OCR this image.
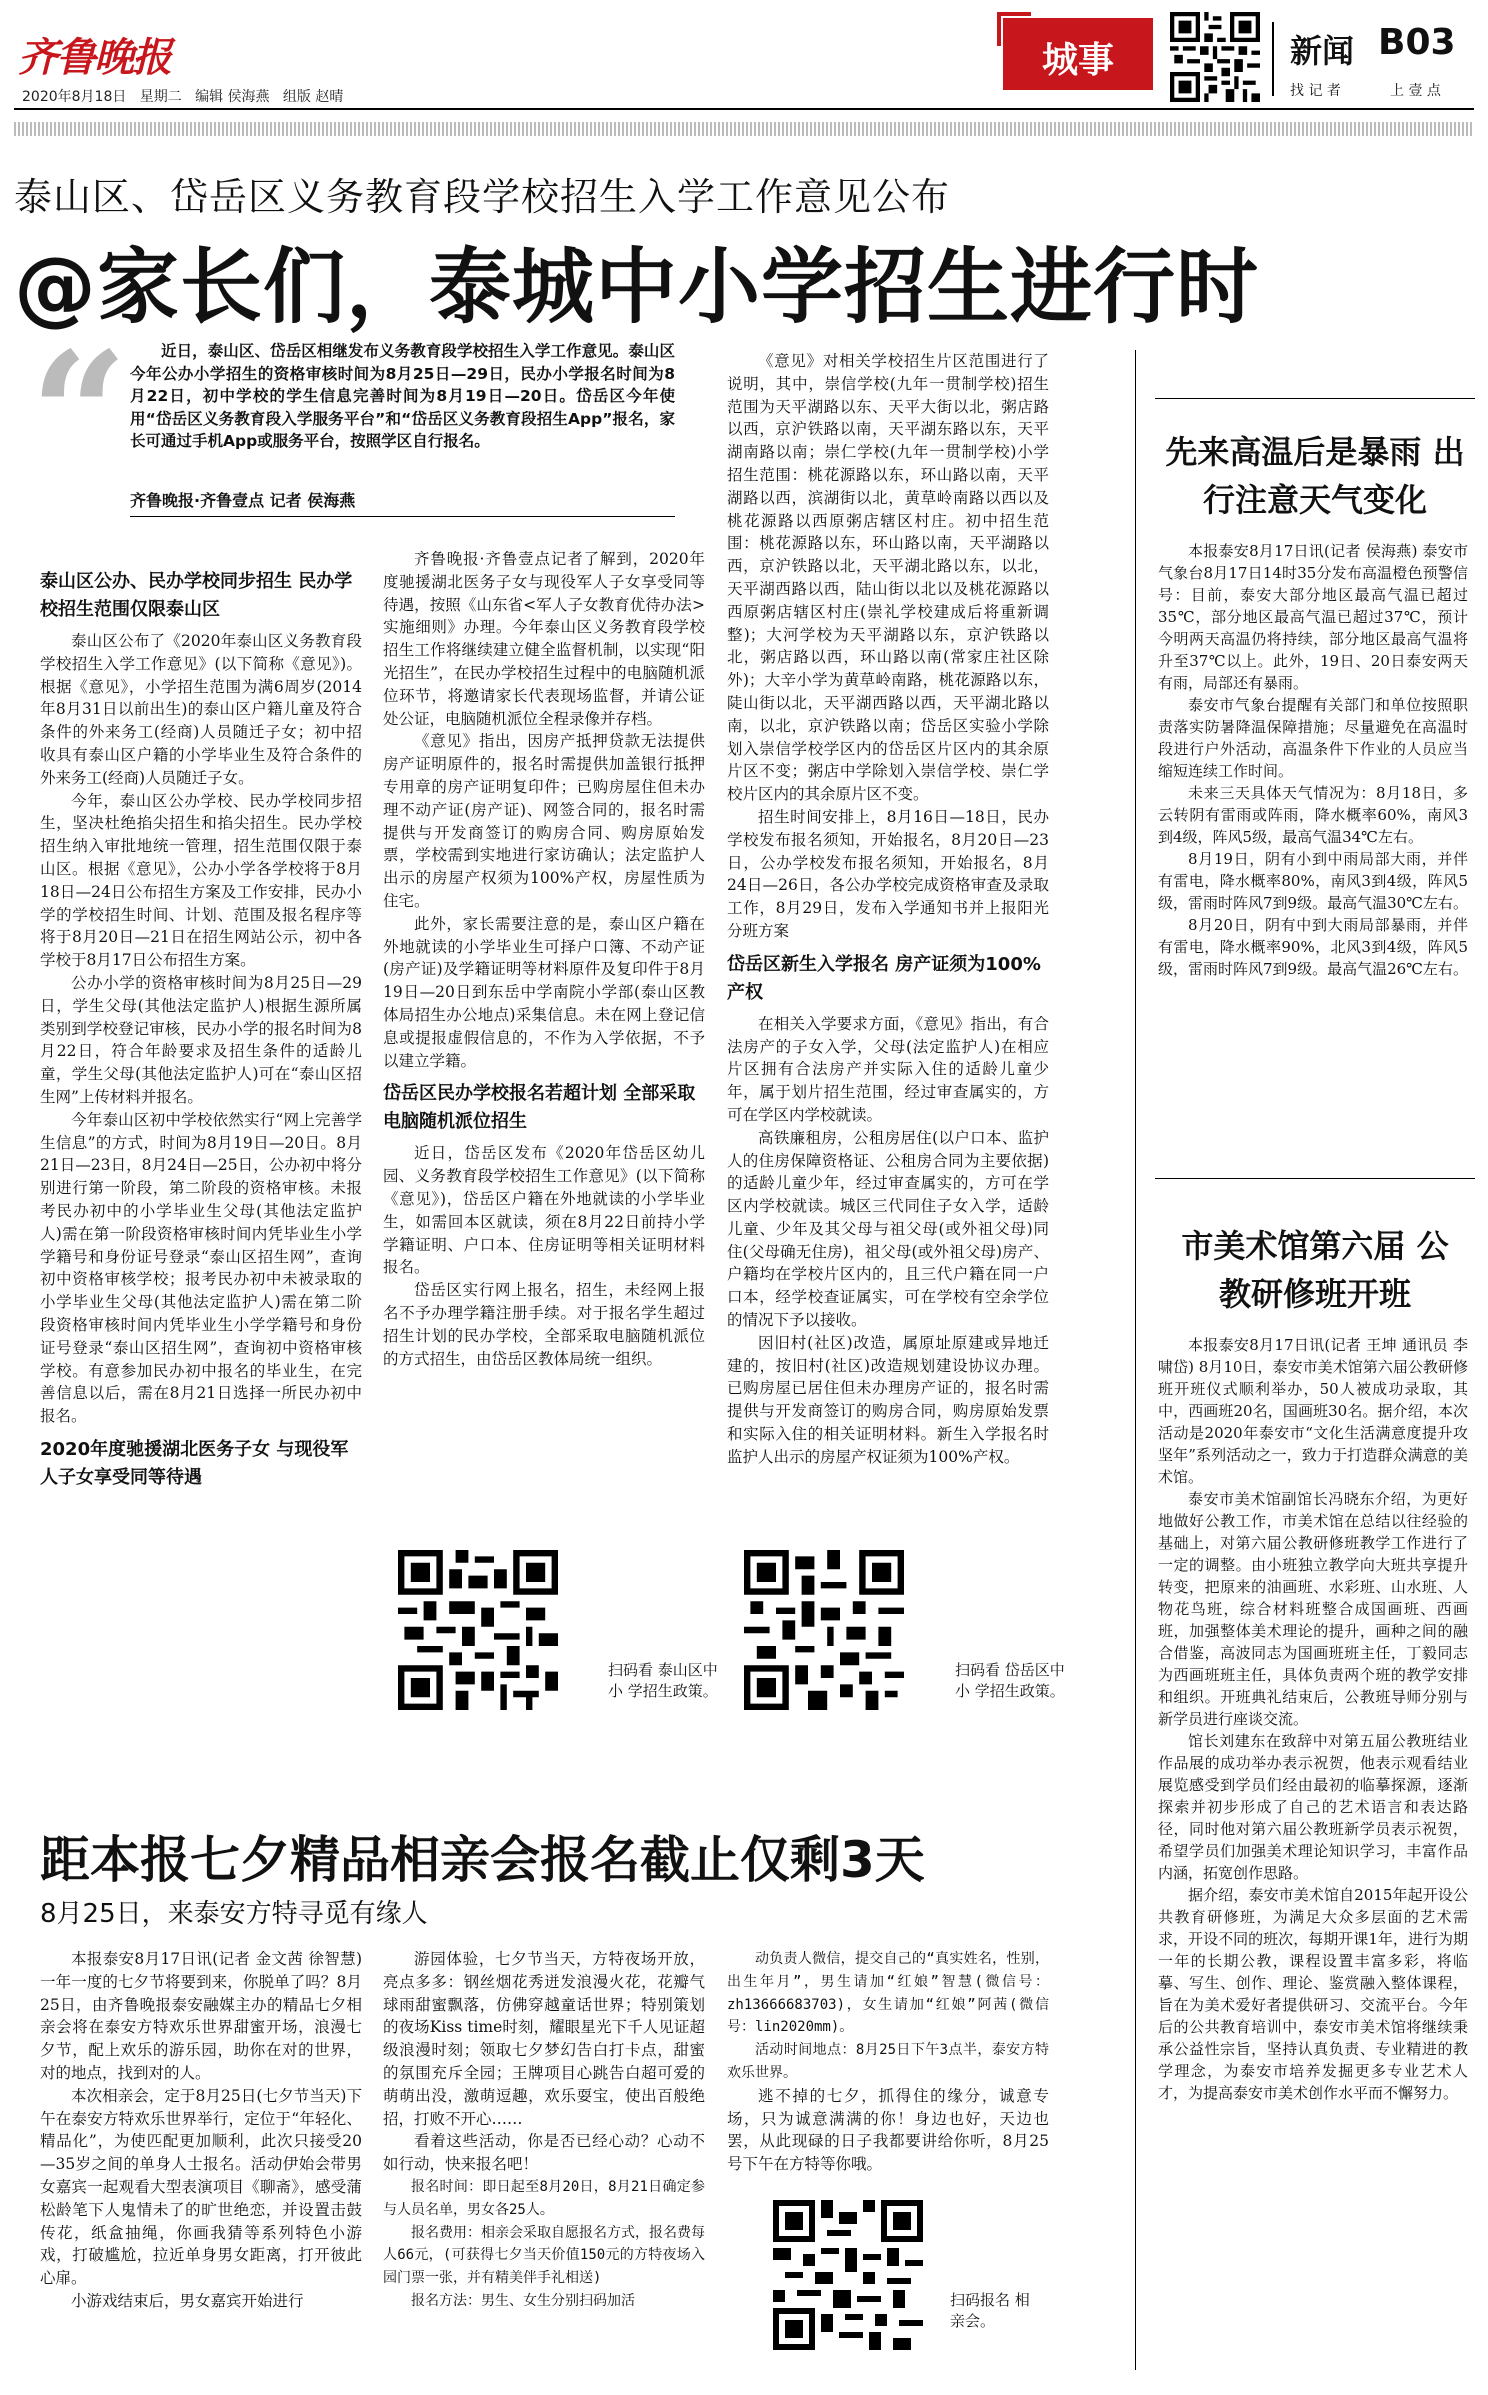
齐鲁晚报
2020年8月18日 星期二 编辑 侯海燕 组版 赵晴
城事	新闻 B03
找 记 者	上 壹 点
泰山区、岱岳区义务教育段学校招生入学工作意见公布
@家长们，泰城中小学招生进行时
“	近日，泰山区、岱岳区相继发布义务教育段学校招生入学工作意见。泰山区今年公办小学招生的资格审核时间为8月25日—29日，民办小学报名时间为8月22日，初中学校的学生信息完善时间为8月19日—20日。岱岳区今年使用“岱岳区义务教育段入学服务平台”和“岱岳区义务教育段招生App”报名，家长可通过手机App或服务平台，按照学区自行报名。
齐鲁晚报·齐鲁壹点 记者 侯海燕
泰山区公办、民办学校同步招生 民办学校招生范围仅限泰山区

泰山区公布了《2020年泰山区义务教育段学校招生入学工作意见》(以下简称《意见》)。根据《意见》，小学招生范围为满6周岁(2014年8月31日以前出生)的泰山区户籍儿童及符合条件的外来务工(经商)人员随迁子女；初中招收具有泰山区户籍的小学毕业生及符合条件的外来务工(经商)人员随迁子女。

今年，泰山区公办学校、民办学校同步招生，坚决杜绝掐尖招生和掐尖招生。民办学校招生纳入审批地统一管理，招生范围仅限于泰山区。根据《意见》，公办小学各学校将于8月18日—24日公布招生方案及工作安排，民办小学的学校招生时间、计划、范围及报名程序等将于8月20日—21日在招生网站公示，初中各学校于8月17日公布招生方案。

公办小学的资格审核时间为8月25日—29日，学生父母(其他法定监护人)根据生源所属类别到学校登记审核，民办小学的报名时间为8月22日，符合年龄要求及招生条件的适龄儿童，学生父母(其他法定监护人)可在“泰山区招生网”上传材料并报名。

今年泰山区初中学校依然实行“网上完善学生信息”的方式，时间为8月19日—20日。8月21日—23日，8月24日—25日，公办初中将分别进行第一阶段，第二阶段的资格审核。未报考民办初中的小学毕业生父母(其他法定监护人)需在第一阶段资格审核时间内凭毕业生小学学籍号和身份证号登录“泰山区招生网”，查询初中资格审核学校；报考民办初中未被录取的小学毕业生父母(其他法定监护人)需在第二阶段资格审核时间内凭毕业生小学学籍号和身份证号登录“泰山区招生网”，查询初中资格审核学校。有意参加民办初中报名的毕业生，在完善信息以后，需在8月21日选择一所民办初中报名。

2020年度驰援湖北医务子女 与现役军人子女享受同等待遇

齐鲁晚报·齐鲁壹点记者了解到，2020年度驰援湖北医务子女与现役军人子女享受同等待遇，按照《山东省<军人子女教育优待办法>实施细则》办理。今年泰山区义务教育段学校招生工作将继续建立健全监督机制，以实现“阳光招生”，在民办学校招生过程中的电脑随机派位环节，将邀请家长代表现场监督，并请公证处公证，电脑随机派位全程录像并存档。

《意见》指出，因房产抵押贷款无法提供房产证明原件的，报名时需提供加盖银行抵押专用章的房产证明复印件；已购房屋住但未办理不动产证(房产证)、网签合同的，报名时需提供与开发商签订的购房合同、购房原始发票，学校需到实地进行家访确认；法定监护人出示的房屋产权须为100%产权，房屋性质为住宅。

此外，家长需要注意的是，泰山区户籍在外地就读的小学毕业生可择户口簿、不动产证(房产证)及学籍证明等材料原件及复印件于8月19日—20日到东岳中学南院小学部(泰山区教体局招生办公地点)采集信息。未在网上登记信息或提报虚假信息的，不作为入学依据，不予以建立学籍。

岱岳区民办学校报名若超计划 全部采取电脑随机派位招生

近日，岱岳区发布《2020年岱岳区幼儿园、义务教育段学校招生工作意见》(以下简称《意见》)，岱岳区户籍在外地就读的小学毕业生，如需回本区就读，须在8月22日前持小学学籍证明、户口本、住房证明等相关证明材料报名。

岱岳区实行网上报名，招生，未经网上报名不予办理学籍注册手续。对于报名学生超过招生计划的民办学校，全部采取电脑随机派位的方式招生，由岱岳区教体局统一组织。

《意见》对相关学校招生片区范围进行了说明，其中，崇信学校(九年一贯制学校)招生范围为天平湖路以东、天平大街以北，粥店路以西，京沪铁路以南，天平湖东路以东，天平湖南路以南；崇仁学校(九年一贯制学校)小学招生范围：桃花源路以东，环山路以南，天平湖路以西，滨湖街以北，黄草岭南路以西以及桃花源路以西原粥店辖区村庄。初中招生范围：桃花源路以东，环山路以南，天平湖路以西，京沪铁路以北，天平湖北路以东，以北，天平湖西路以西，陆山街以北以及桃花源路以西原粥店辖区村庄(崇礼学校建成后将重新调整)；大河学校为天平湖路以东，京沪铁路以北，粥店路以西，环山路以南(常家庄社区除外)；大辛小学为黄草岭南路，桃花源路以东，陡山街以北，天平湖西路以西，天平湖北路以南，以北，京沪铁路以南；岱岳区实验小学除划入崇信学校学区内的岱岳区片区内的其余原片区不变；粥店中学除划入崇信学校、崇仁学校片区内的其余原片区不变。

招生时间安排上，8月16日—18日，民办学校发布报名须知，开始报名，8月20日—23日，公办学校发布报名须知，开始报名，8月24日—26日，各公办学校完成资格审查及录取工作，8月29日，发布入学通知书并上报阳光分班方案

岱岳区新生入学报名 房产证须为100%产权

在相关入学要求方面，《意见》指出，有合法房产的子女入学，父母(法定监护人)在相应片区拥有合法房产并实际入住的适龄儿童少年，属于划片招生范围，经过审查属实的，方可在学区内学校就读。

高铁廉租房，公租房居住(以户口本、监护人的住房保障资格证、公租房合同为主要依据)的适龄儿童少年，经过审查属实的，方可在学区内学校就读。城区三代同住子女入学，适龄儿童、少年及其父母与祖父母(或外祖父母)同住(父母确无住房)，祖父母(或外祖父母)房产、户籍均在学校片区内的，且三代户籍在同一户口本，经学校查证属实，可在学校有空余学位的情况下予以接收。

因旧村(社区)改造，属原址原建或异地迁建的，按旧村(社区)改造规划建设协议办理。已购房屋已居住但未办理房产证的，报名时需提供与开发商签订的购房合同，购房原始发票和实际入住的相关证明材料。新生入学报名时监护人出示的房屋产权证须为100%产权。

扫码看 泰山区中小 学招生政策。
扫码看 岱岳区中小 学招生政策。
距本报七夕精品相亲会报名截止仅剩3天
8月25日，来泰安方特寻觅有缘人

本报泰安8月17日讯(记者 金文茜 徐智慧) 一年一度的七夕节将要到来，你脱单了吗？8月25日，由齐鲁晚报泰安融媒主办的精品七夕相亲会将在泰安方特欢乐世界甜蜜开场，浪漫七夕节，配上欢乐的游乐园，助你在对的世界，对的地点，找到对的人。

本次相亲会，定于8月25日(七夕节当天)下午在泰安方特欢乐世界举行，定位于“年轻化、精品化”，为使匹配更加顺利，此次只接受20—35岁之间的单身人士报名。活动伊始会带男女嘉宾一起观看大型表演项目《聊斋》，感受蒲松龄笔下人鬼情未了的旷世绝恋，并设置击鼓传花，纸盒抽绳，你画我猜等系列特色小游戏，打破尴尬，拉近单身男女距离，打开彼此心扉。

小游戏结束后，男女嘉宾开始进行

游园体验，七夕节当天，方特夜场开放，亮点多多：钢丝烟花秀迸发浪漫火花，花瓣气球雨甜蜜飘落，仿佛穿越童话世界；特别策划的夜场Kiss time时刻，耀眼星光下千人见证超级浪漫时刻；领取七夕梦幻告白打卡点，甜蜜的氛围充斥全园；王牌项目心跳告白超可爱的萌萌出没，激萌逗趣，欢乐耍宝，使出百般绝招，打败不开心……

看着这些活动，你是否已经心动？心动不如行动，快来报名吧！

报名时间：即日起至8月20日，8月21日确定参与人员名单，男女各25人。

报名费用：相亲会采取自愿报名方式，报名费每人66元，(可获得七夕当天价值150元的方特夜场入园门票一张，并有精美伴手礼相送)

报名方法：男生、女生分别扫码加活

动负责人微信，提交自己的“真实姓名，性别，出生年月”，男生请加“红娘”智慧(微信号：zh13666683703)，女生请加“红娘”阿茜(微信号：lin2020mm)。

活动时间地点：8月25日下午3点半，泰安方特欢乐世界。

逃不掉的七夕，抓得住的缘分，诚意专场，只为诚意满满的你！身边也好，天边也罢，从此现碌的日子我都要讲给你听，8月25号下午在方特等你哦。

扫码报名 相亲会。
先来高温后是暴雨 出行注意天气变化

本报泰安8月17日讯(记者 侯海燕) 泰安市气象台8月17日14时35分发布高温橙色预警信号：目前，泰安大部分地区最高气温已超过35℃，部分地区最高气温已超过37℃，预计今明两天高温仍将持续，部分地区最高气温将升至37℃以上。此外，19日、20日泰安两天有雨，局部还有暴雨。

泰安市气象台提醒有关部门和单位按照职责落实防暑降温保障措施；尽量避免在高温时段进行户外活动，高温条件下作业的人员应当缩短连续工作时间。

未来三天具体天气情况为：8月18日，多云转阴有雷雨或阵雨，降水概率60%，南风3到4级，阵风5级，最高气温34℃左右。

8月19日，阴有小到中雨局部大雨，并伴有雷电，降水概率80%，南风3到4级，阵风5级，雷雨时阵风7到9级。最高气温30℃左右。

8月20日，阴有中到大雨局部暴雨，并伴有雷电，降水概率90%，北风3到4级，阵风5级，雷雨时阵风7到9级。最高气温26℃左右。

市美术馆第六届 公教研修班开班

本报泰安8月17日讯(记者 王坤 通讯员 李啸岱) 8月10日，泰安市美术馆第六届公教研修班开班仪式顺利举办，50人被成功录取，其中，西画班20名，国画班30名。据介绍，本次活动是2020年泰安市“文化生活满意度提升攻坚年”系列活动之一，致力于打造群众满意的美术馆。

泰安市美术馆副馆长冯晓东介绍，为更好地做好公教工作，市美术馆在总结以往经验的基础上，对第六届公教研修班教学工作进行了一定的调整。由小班独立教学向大班共享提升转变，把原来的油画班、水彩班、山水班、人物花鸟班，综合材料班整合成国画班、西画班，加强整体美术理论的提升，画种之间的融合借鉴，高波同志为国画班班主任，丁毅同志为西画班班主任，具体负责两个班的教学安排和组织。开班典礼结束后，公教班导师分别与新学员进行座谈交流。

馆长刘建东在致辞中对第五届公教班结业作品展的成功举办表示祝贺，他表示观看结业展览感受到学员们经由最初的临摹探源，逐渐探索并初步形成了自己的艺术语言和表达路径，同时他对第六届公教班新学员表示祝贺，希望学员们加强美术理论知识学习，丰富作品内涵，拓宽创作思路。

据介绍，泰安市美术馆自2015年起开设公共教育研修班，为满足大众多层面的艺术需求，开设不同的班次，每期开课1年，进行为期一年的长期公教，课程设置丰富多彩，将临摹、写生、创作、理论、鉴赏融入整体课程，旨在为美术爱好者提供研习、交流平台。今年后的公共教育培训中，泰安市美术馆将继续秉承公益性宗旨，坚持认真负责、专业精进的教学理念，为泰安市培养发掘更多专业艺术人才，为提高泰安市美术创作水平而不懈努力。
